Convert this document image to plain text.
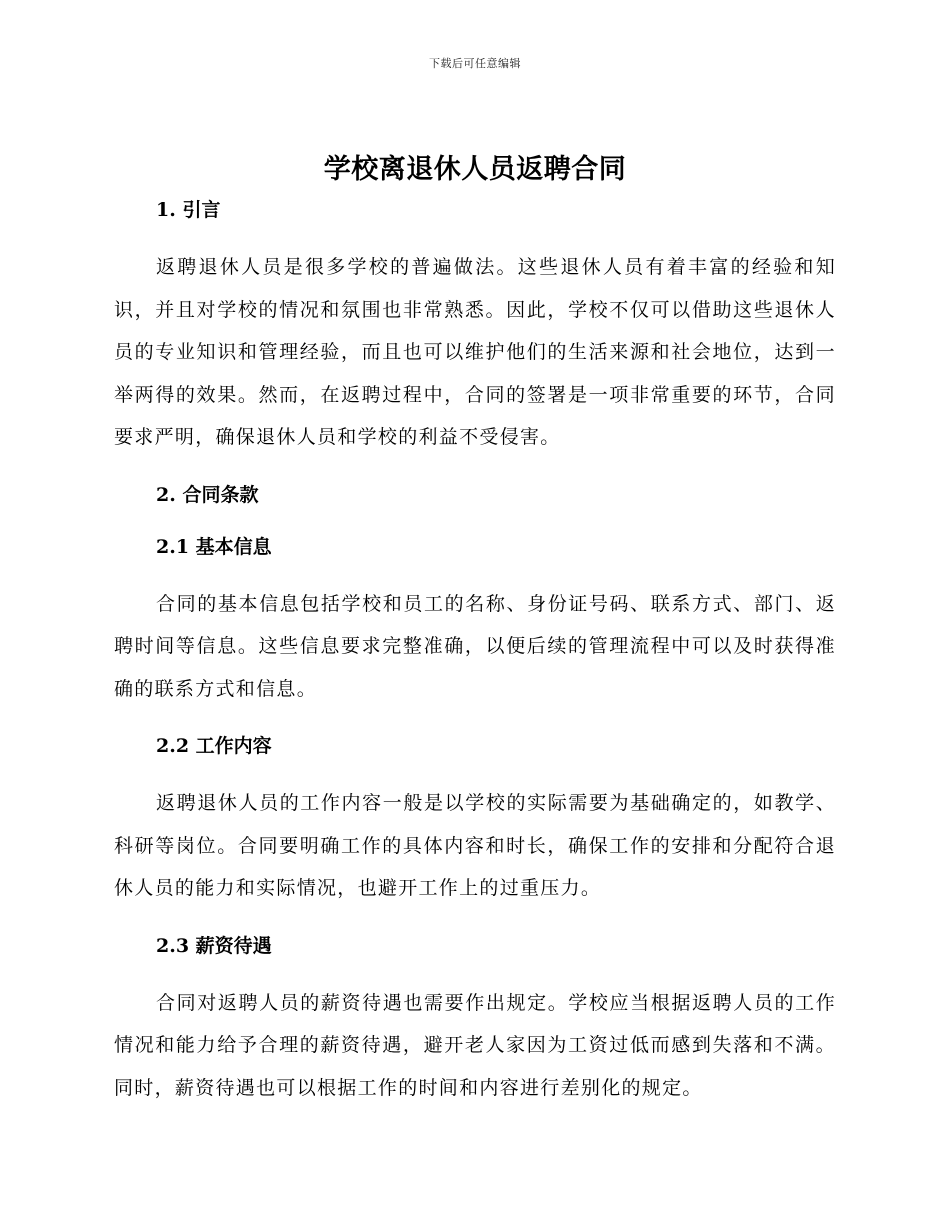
下载后可任意编辑
学校离退休人员返聘合同
1. 引言

返聘退休人员是很多学校的普遍做法。这些退休人员有着丰富的经验和知识，并且对学校的情况和氛围也非常熟悉。因此，学校不仅可以借助这些退休人员的专业知识和管理经验，而且也可以维护他们的生活来源和社会地位，达到一举两得的效果。然而，在返聘过程中，合同的签署是一项非常重要的环节，合同要求严明，确保退休人员和学校的利益不受侵害。

2. 合同条款
2.1 基本信息

合同的基本信息包括学校和员工的名称、身份证号码、联系方式、部门、返聘时间等信息。这些信息要求完整准确，以便后续的管理流程中可以及时获得准确的联系方式和信息。

2.2 工作内容

返聘退休人员的工作内容一般是以学校的实际需要为基础确定的，如教学、科研等岗位。合同要明确工作的具体内容和时长，确保工作的安排和分配符合退休人员的能力和实际情况，也避开工作上的过重压力。

2.3 薪资待遇

合同对返聘人员的薪资待遇也需要作出规定。学校应当根据返聘人员的工作情况和能力给予合理的薪资待遇，避开老人家因为工资过低而感到失落和不满。同时，薪资待遇也可以根据工作的时间和内容进行差别化的规定。
